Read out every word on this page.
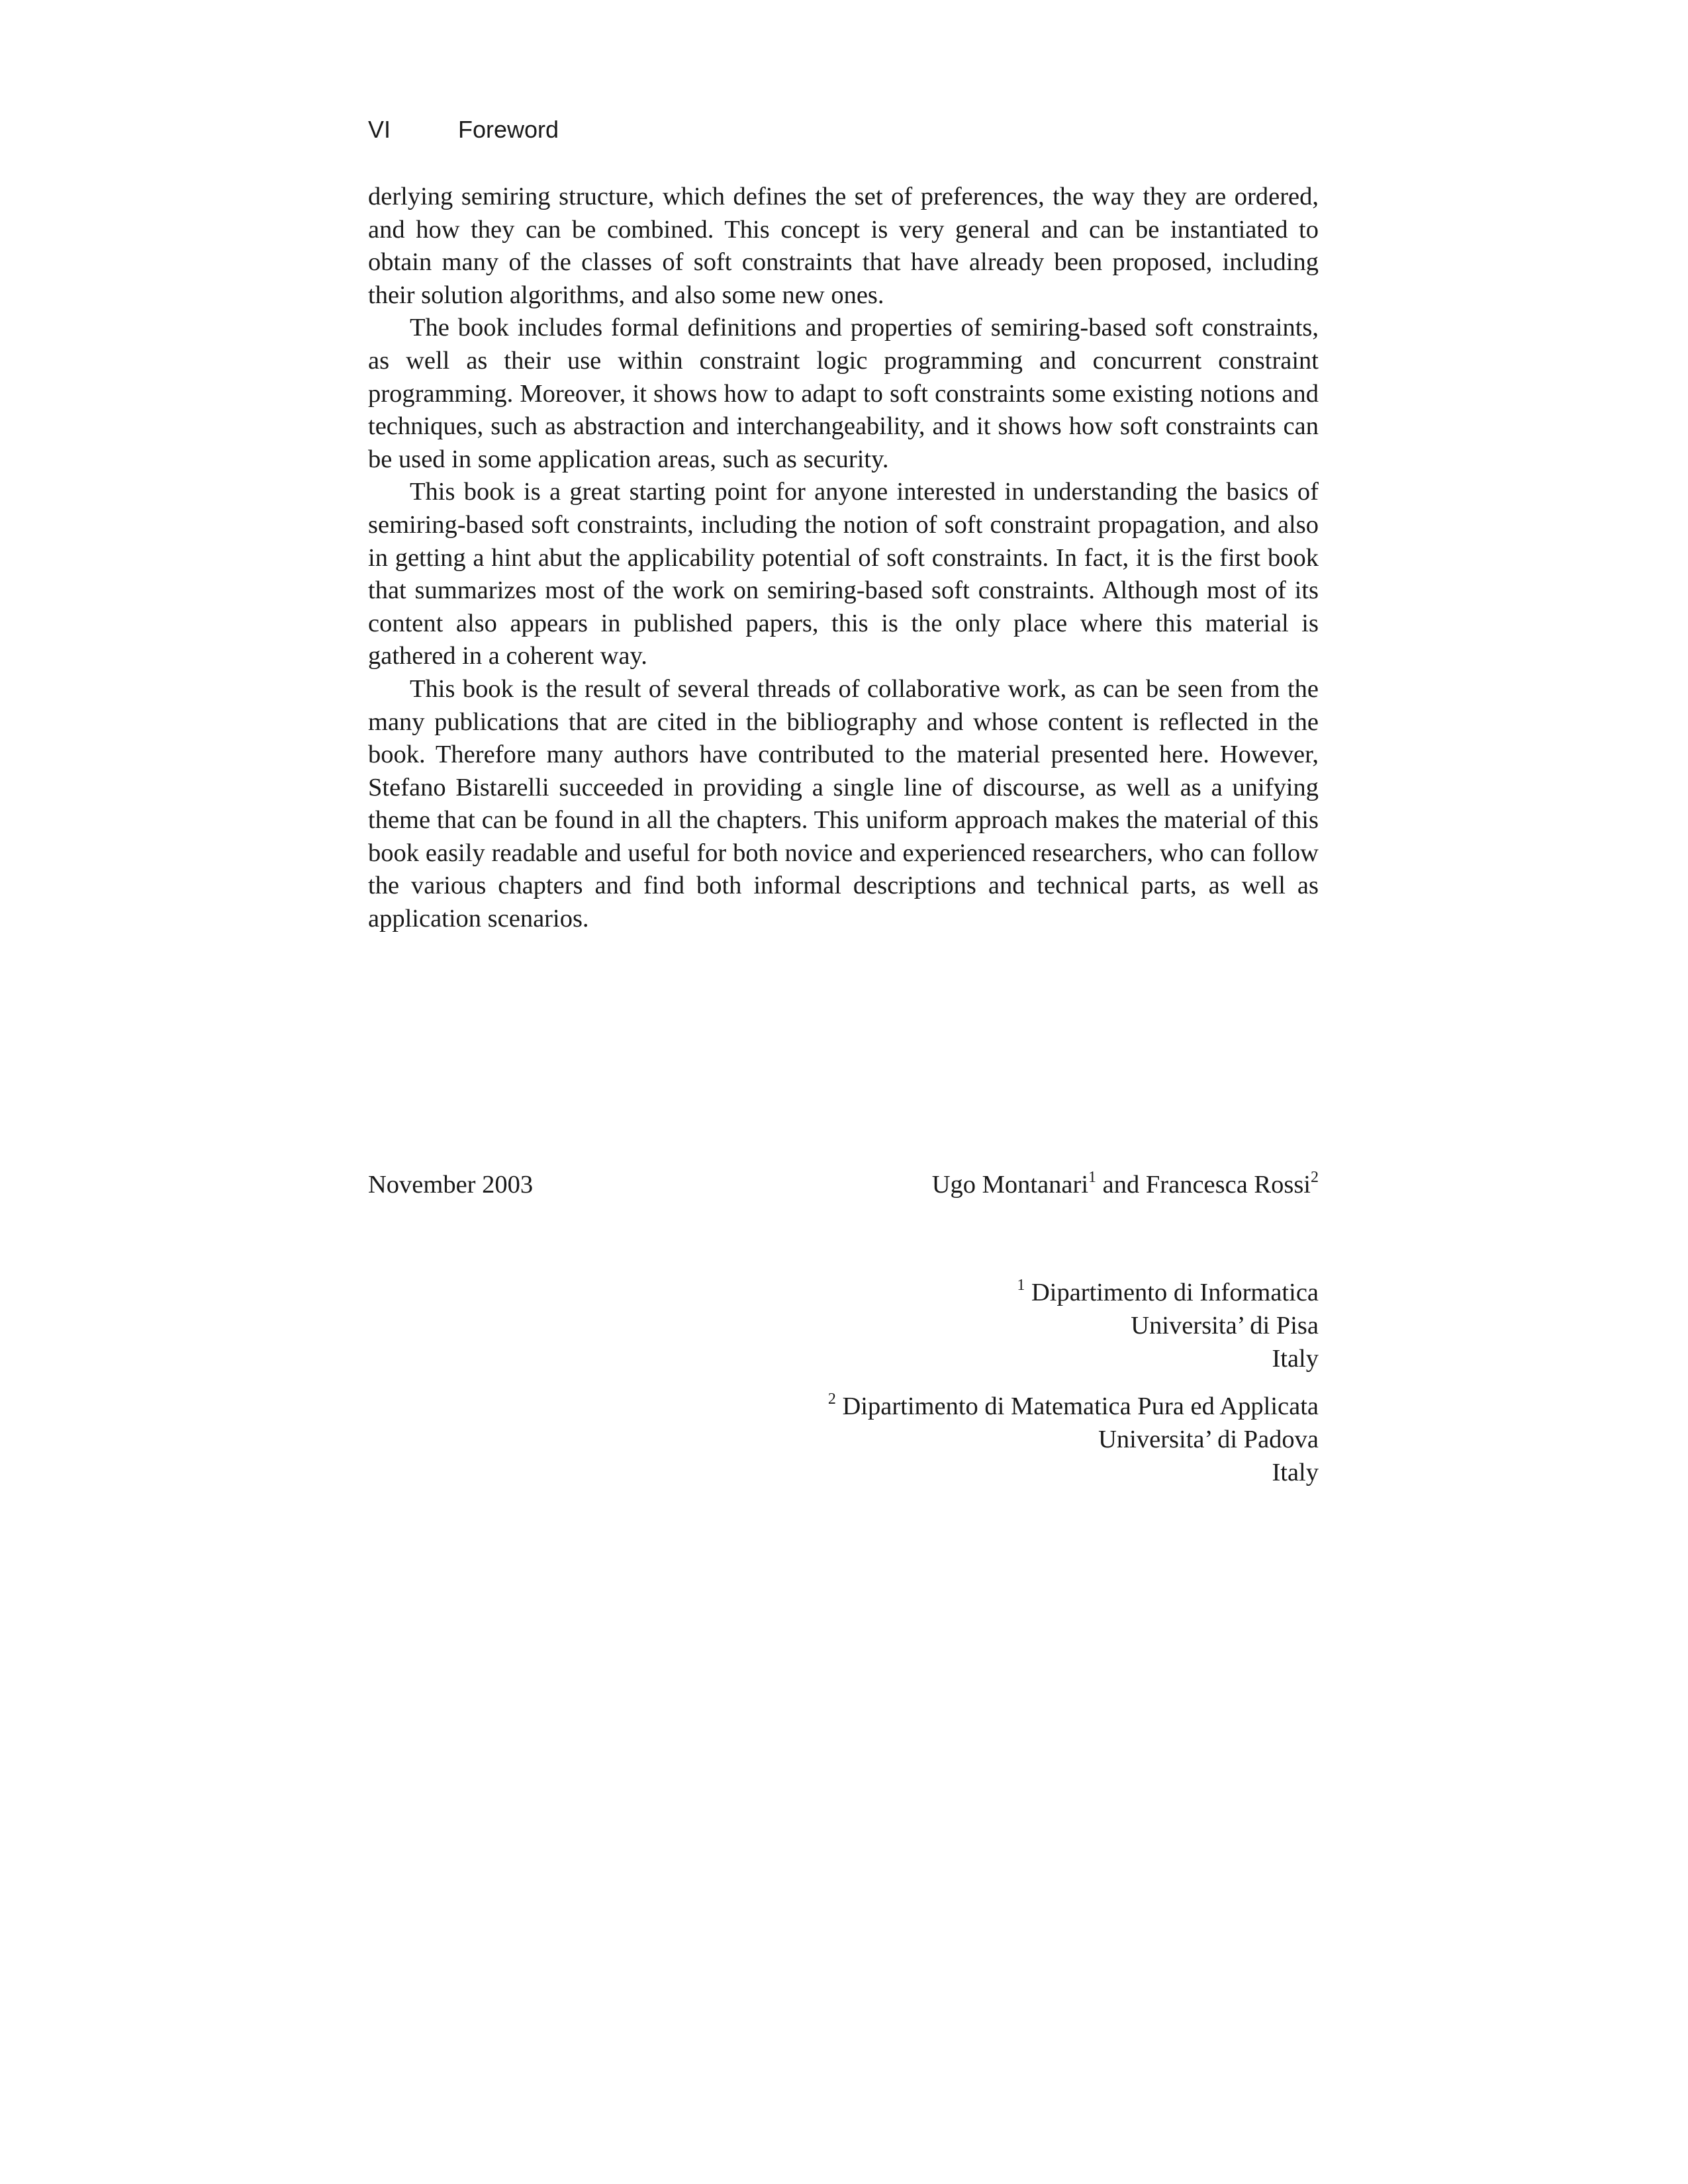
VI	Foreword

derlying semiring structure, which defines the set of preferences, the way they are ordered, and how they can be combined. This concept is very general and can be instantiated to obtain many of the classes of soft constraints that have already been proposed, including their solution algorithms, and also some new ones.

The book includes formal definitions and properties of semiring-based soft constraints, as well as their use within constraint logic programming and concurrent constraint programming. Moreover, it shows how to adapt to soft constraints some existing notions and techniques, such as abstraction and interchangeability, and it shows how soft constraints can be used in some application areas, such as security.

This book is a great starting point for anyone interested in understanding the basics of semiring-based soft constraints, including the notion of soft constraint propagation, and also in getting a hint abut the applicability potential of soft constraints. In fact, it is the first book that summarizes most of the work on semiring-based soft constraints. Although most of its content also appears in published papers, this is the only place where this material is gathered in a coherent way.

This book is the result of several threads of collaborative work, as can be seen from the many publications that are cited in the bibliography and whose content is reflected in the book. Therefore many authors have contributed to the material presented here. However, Stefano Bistarelli succeeded in providing a single line of discourse, as well as a unifying theme that can be found in all the chapters. This uniform approach makes the material of this book easily readable and useful for both novice and experienced researchers, who can follow the various chapters and find both informal descriptions and technical parts, as well as application scenarios.

November 2003	Ugo Montanari$^1$ and Francesca Rossi$^2$
$^1$ Dipartimento di Informatica
Universita’ di Pisa
Italy
$^2$ Dipartimento di Matematica Pura ed Applicata
Universita’ di Padova
Italy
